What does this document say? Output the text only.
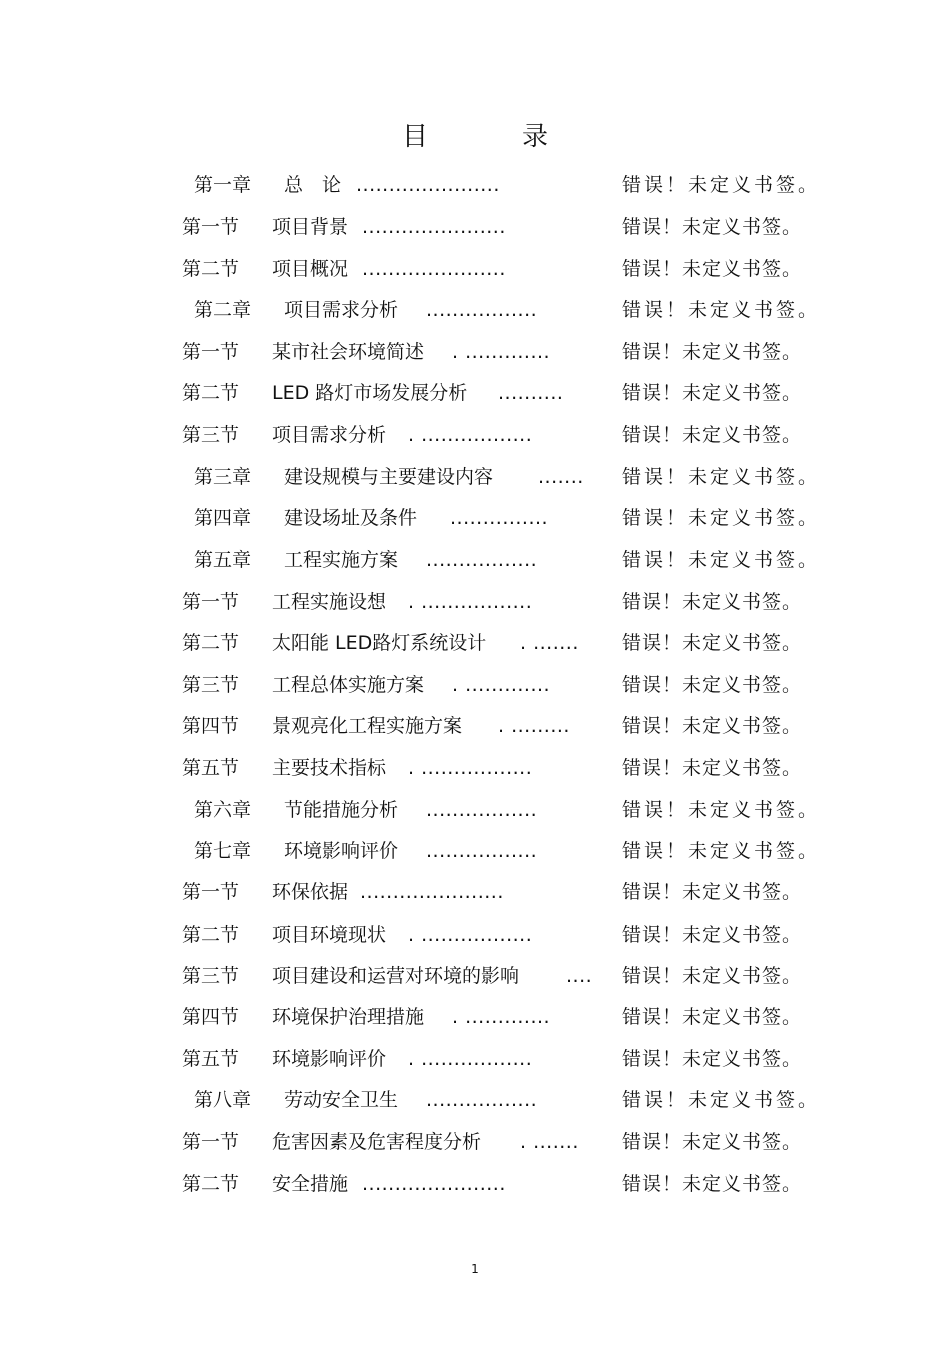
目　录
第一章 总　论 ......................	错误！未定义书签。
第一节 项目背景 ......................	错误！未定义书签。
第二节 项目概况 ......................	错误！未定义书签。
第二章 项目需求分析 .................	错误！未定义书签。
第一节 某市社会环境简述 . .............	错误！未定义书签。
第二节 LED 路灯市场发展分析 ..........	错误！未定义书签。
第三节 项目需求分析 . .................	错误！未定义书签。
第三章 建设规模与主要建设内容 ....... 错误！未定义书签。
第四章 建设场址及条件 ...............	错误！未定义书签。
第五章 工程实施方案 .................	错误！未定义书签。
第一节 工程实施设想 . .................	错误！未定义书签。
第二节 太阳能 LED路灯系统设计 . ....... 错误！未定义书签。
第三节 工程总体实施方案 . .............	错误！未定义书签。
第四节 景观亮化工程实施方案 . .........	错误！未定义书签。
第五节 主要技术指标 . .................	错误！未定义书签。
第六章 节能措施分析 .................	错误！未定义书签。
第七章 环境影响评价 .................	错误！未定义书签。
第一节 环保依据 ......................	错误！未定义书签。
第二节 项目环境现状 . .................	错误！未定义书签。
第三节 项目建设和运营对环境的影响 .... 错误！未定义书签。
第四节 环境保护治理措施 . .............	错误！未定义书签。
第五节 环境影响评价 . .................	错误！未定义书签。
第八章 劳动安全卫生 .................	错误！未定义书签。
第一节 危害因素及危害程度分析 . ....... 错误！未定义书签。
第二节 安全措施 ......................	错误！未定义书签。
1
